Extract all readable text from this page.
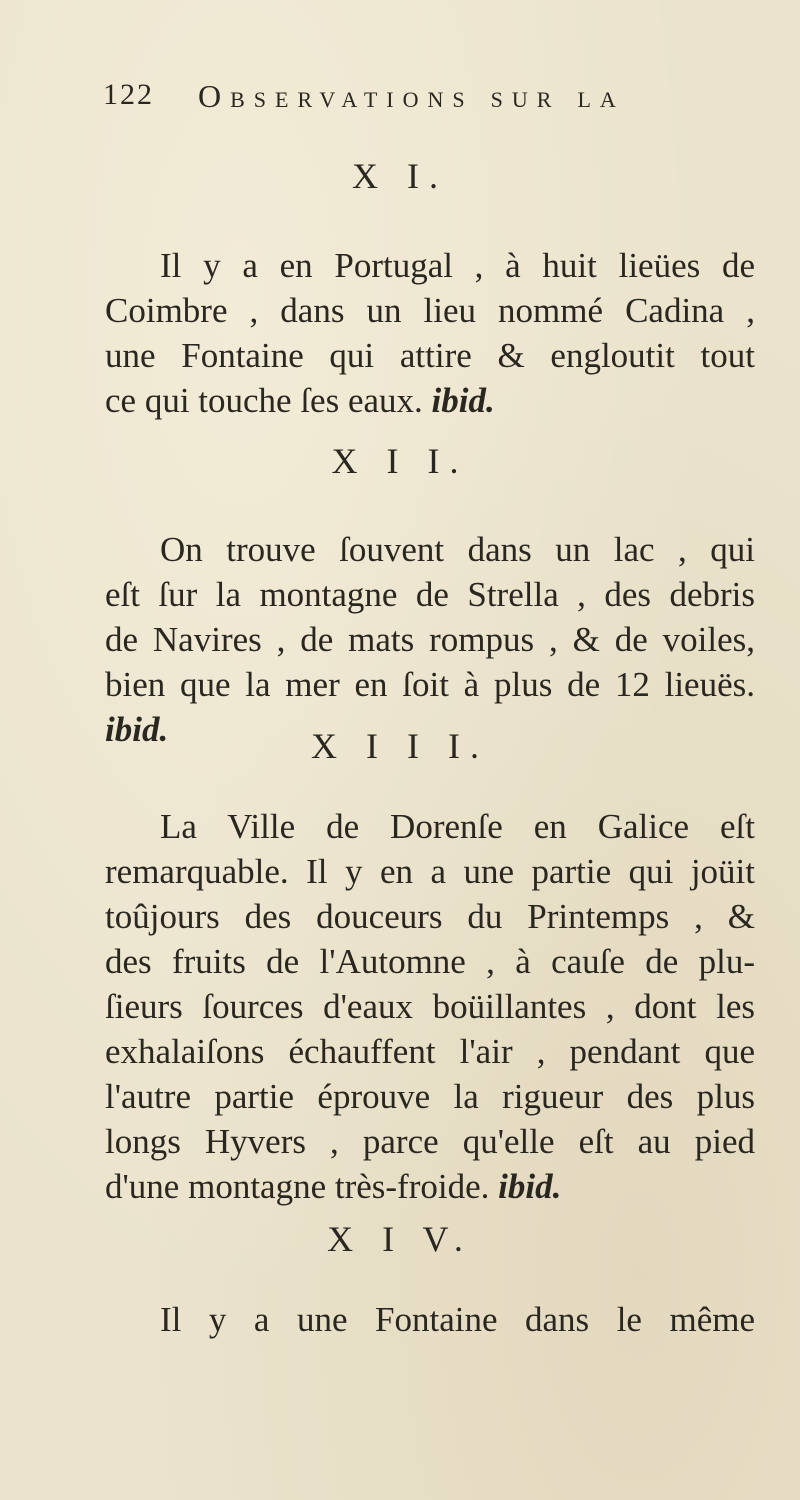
122 Observations sur la
X I.
Il y a en Portugal , à huit lieües de
Coimbre , dans un lieu nommé Cadina ,
une Fontaine qui attire & engloutit tout
ce qui touche ſes eaux. ibid.
X I I.
On trouve ſouvent dans un lac , qui
eſt ſur la montagne de Strella , des debris
de Navires , de mats rompus , & de voiles,
bien que la mer en ſoit à plus de 12 lieuës.
ibid.	X I I I.
La Ville de Dorenſe en Galice eſt
remarquable. Il y en a une partie qui joüit
toûjours des douceurs du Printemps , &
des fruits de l'Automne , à cauſe de plu-
ſieurs ſources d'eaux boüillantes , dont les
exhalaiſons échauffent l'air , pendant que
l'autre partie éprouve la rigueur des plus
longs Hyvers , parce qu'elle eſt au pied
d'une montagne très-froide. ibid.
X I V.
Il y a une Fontaine dans le même
